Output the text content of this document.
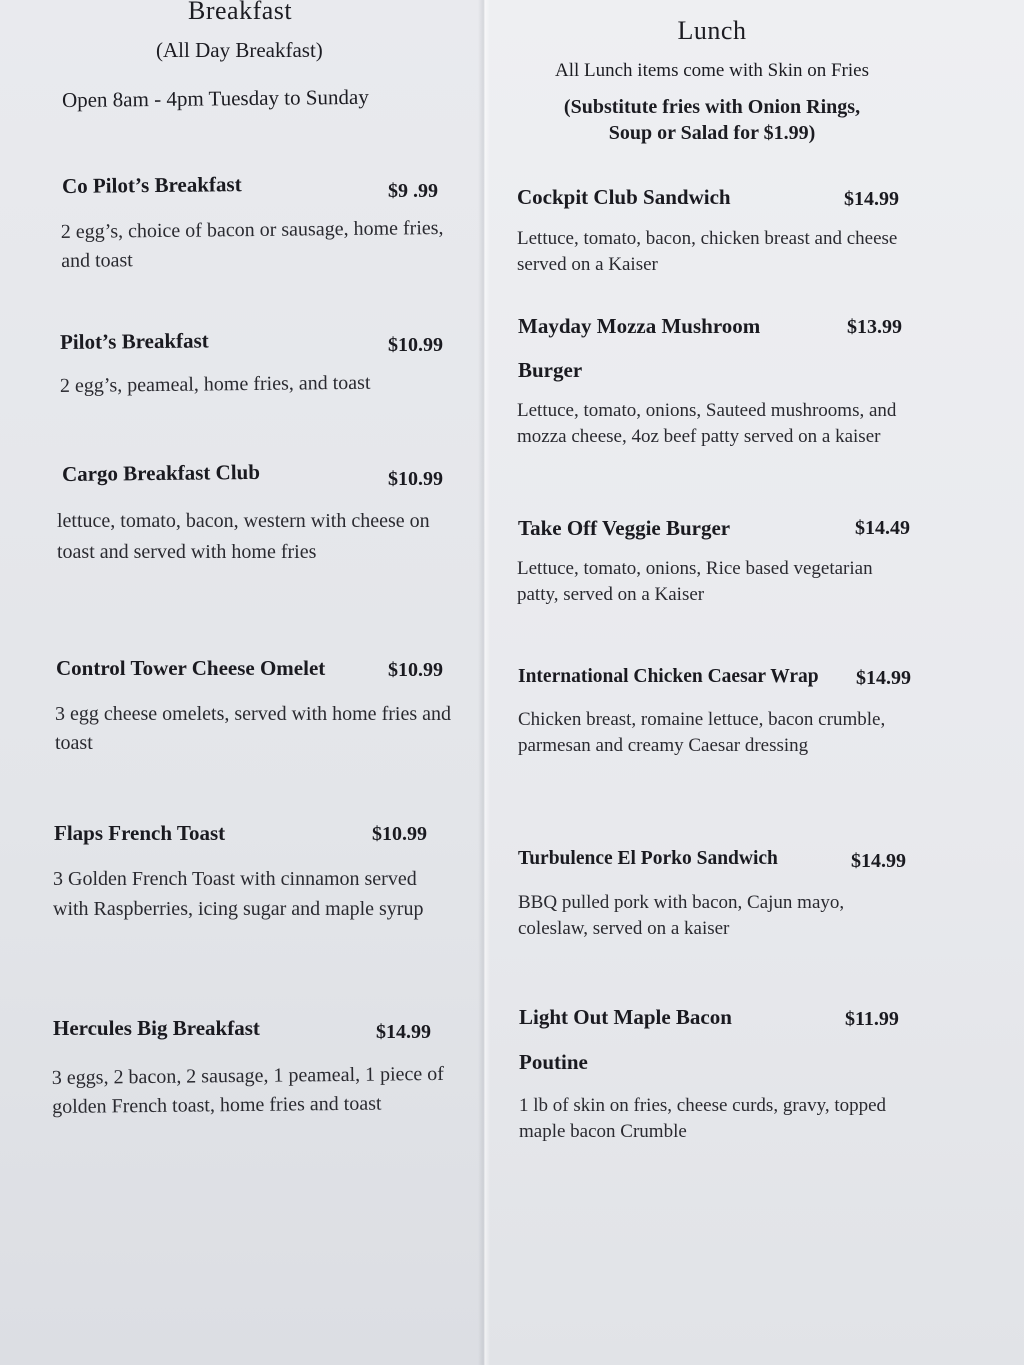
Breakfast
(All Day Breakfast)
Open 8am - 4pm Tuesday to Sunday
Co Pilot’s Breakfast	$9 .99
2 egg’s, choice of bacon or sausage, home fries, and toast
Pilot’s Breakfast	$10.99
2 egg’s, peameal, home fries, and toast
Cargo Breakfast Club	$10.99
lettuce, tomato, bacon, western with cheese on toast and served with home fries
Control Tower Cheese Omelet	$10.99
3 egg cheese omelets, served with home fries and toast
Flaps French Toast	$10.99
3 Golden French Toast with cinnamon served with Raspberries, icing sugar and maple syrup
Hercules Big Breakfast	$14.99
3 eggs, 2 bacon, 2 sausage, 1 peameal, 1 piece of golden French toast, home fries and toast
Lunch
All Lunch items come with Skin on Fries
(Substitute fries with Onion Rings,
Soup or Salad for $1.99)
Cockpit Club Sandwich	$14.99
Lettuce, tomato, bacon, chicken breast and cheese served on a Kaiser
Mayday Mozza Mushroom	$13.99
Burger
Lettuce, tomato, onions, Sauteed mushrooms, and mozza cheese, 4oz beef patty served on a kaiser
Take Off Veggie Burger	$14.49
Lettuce, tomato, onions, Rice based vegetarian patty, served on a Kaiser
International Chicken Caesar Wrap $14.99
Chicken breast, romaine lettuce, bacon crumble, parmesan and creamy Caesar dressing
Turbulence El Porko Sandwich	$14.99
BBQ pulled pork with bacon, Cajun mayo, coleslaw, served on a kaiser
Light Out Maple Bacon	$11.99
Poutine
1 lb of skin on fries, cheese curds, gravy, topped maple bacon Crumble
